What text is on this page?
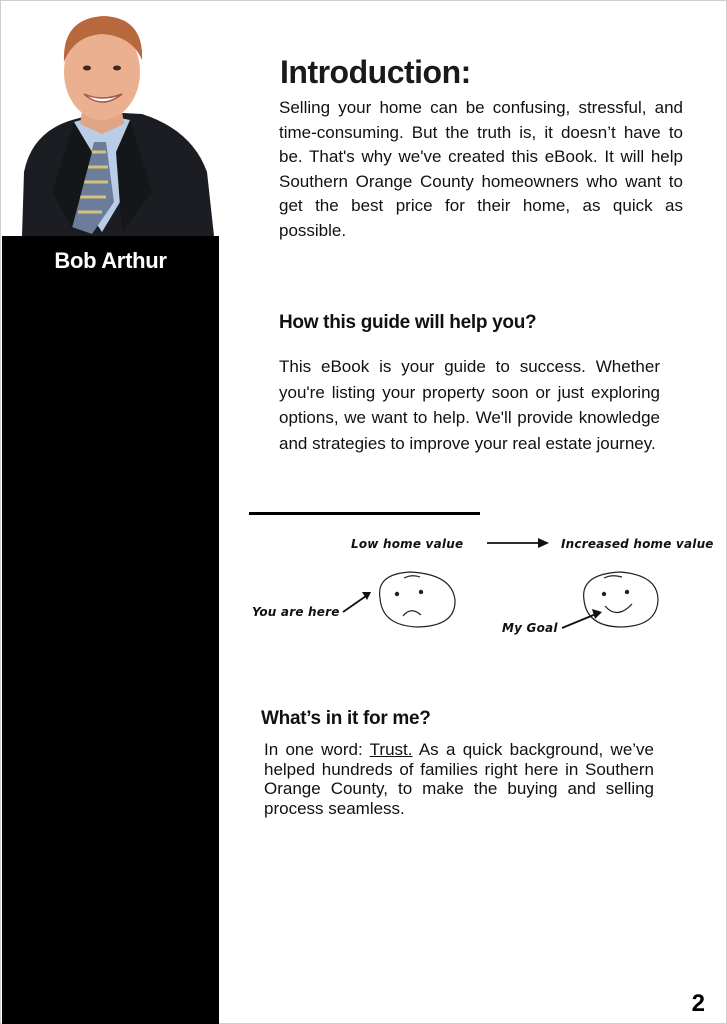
Bob Arthur
Introduction:
Selling your home can be confusing, stressful, and time-consuming. But the truth is, it doesn’t have to be. That's why we've created this eBook. It will help Southern Orange County homeowners who want to get the best price for their home, as quick as possible.
How this guide will help you?
This eBook is your guide to success. Whether you're listing your property soon or just exploring options, we want to help. We'll provide knowledge and strategies to improve your real estate journey.
Low home value	Increased home value
You are here
My Goal
What’s in it for me?
In one word: Trust. As a quick background, we’ve helped hundreds of families right here in Southern Orange County, to make the buying and selling process seamless.
2
